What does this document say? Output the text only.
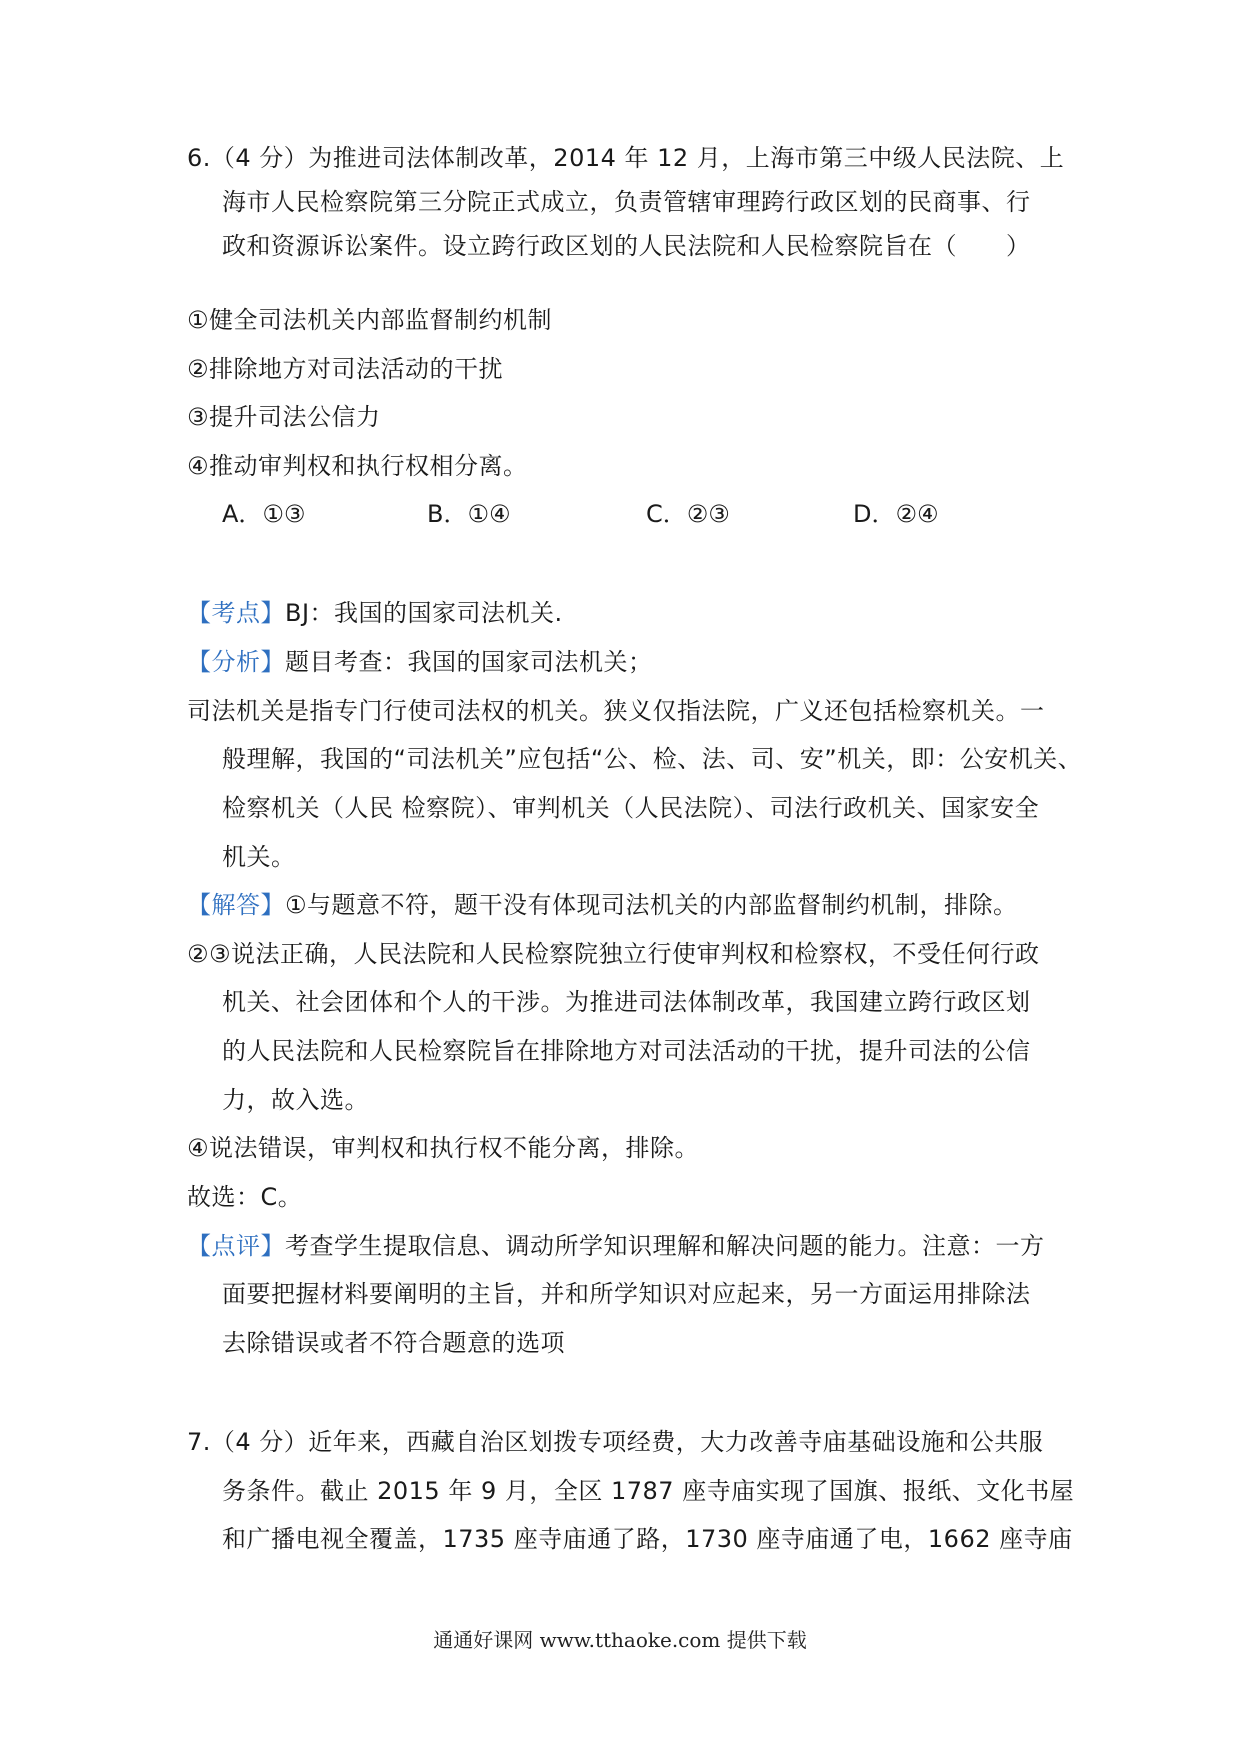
6.（4 分）为推进司法体制改革，2014 年 12 月，上海市第三中级人民法院、上
海市人民检察院第三分院正式成立，负责管辖审理跨行政区划的民商事、行
政和资源诉讼案件。设立跨行政区划的人民法院和人民检察院旨在（　　）
①健全司法机关内部监督制约机制
②排除地方对司法活动的干扰
③提升司法公信力
④推动审判权和执行权相分离。
A．①③	B．①④	C．②③	D．②④
【考点】BJ：我国的国家司法机关.
【分析】题目考查：我国的国家司法机关；
司法机关是指专门行使司法权的机关。狭义仅指法院，广义还包括检察机关。一
般理解，我国的“司法机关”应包括“公、检、法、司、安”机关，即：公安机关、
检察机关（人民 检察院）、审判机关（人民法院）、司法行政机关、国家安全
机关。
【解答】①与题意不符，题干没有体现司法机关的内部监督制约机制，排除。
②③说法正确，人民法院和人民检察院独立行使审判权和检察权，不受任何行政
机关、社会团体和个人的干涉。为推进司法体制改革，我国建立跨行政区划
的人民法院和人民检察院旨在排除地方对司法活动的干扰，提升司法的公信
力，故入选。
④说法错误，审判权和执行权不能分离，排除。
故选：C。
【点评】考查学生提取信息、调动所学知识理解和解决问题的能力。注意：一方
面要把握材料要阐明的主旨，并和所学知识对应起来，另一方面运用排除法
去除错误或者不符合题意的选项
7.（4 分）近年来，西藏自治区划拨专项经费，大力改善寺庙基础设施和公共服
务条件。截止 2015 年 9 月，全区 1787 座寺庙实现了国旗、报纸、文化书屋
和广播电视全覆盖，1735 座寺庙通了路，1730 座寺庙通了电，1662 座寺庙
通通好课网 www.tthaoke.com 提供下载
